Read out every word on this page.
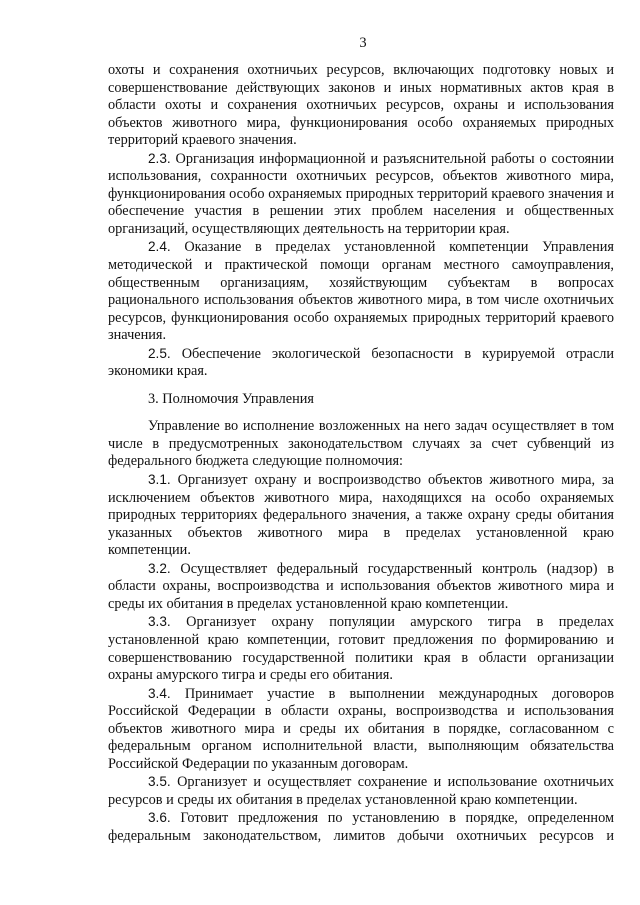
3

охоты и сохранения охотничьих ресурсов, включающих подготовку новых и совершенствование действующих законов и иных нормативных актов края в области охоты и сохранения охотничьих ресурсов, охраны и использования объектов животного мира, функционирования особо охраняемых природных территорий краевого значения.

2.3. Организация информационной и разъяснительной работы о состоянии использования, сохранности охотничьих ресурсов, объектов животного мира, функционирования особо охраняемых природных территорий краевого значения и обеспечение участия в решении этих проблем населения и общественных организаций, осуществляющих деятельность на территории края.

2.4. Оказание в пределах установленной компетенции Управления методической и практической помощи органам местного самоуправления, общественным организациям, хозяйствующим субъектам в вопросах рационального использования объектов животного мира, в том числе охотничьих ресурсов, функционирования особо охраняемых природных территорий краевого значения.

2.5. Обеспечение экологической безопасности в курируемой отрасли экономики края.

3. Полномочия Управления

Управление во исполнение возложенных на него задач осуществляет в том числе в предусмотренных законодательством случаях за счет субвенций из федерального бюджета следующие полномочия:

3.1. Организует охрану и воспроизводство объектов животного мира, за исключением объектов животного мира, находящихся на особо охраняемых природных территориях федерального значения, а также охрану среды обитания указанных объектов животного мира в пределах установленной краю компетенции.

3.2. Осуществляет федеральный государственный контроль (надзор) в области охраны, воспроизводства и использования объектов животного мира и среды их обитания в пределах установленной краю компетенции.

3.3. Организует охрану популяции амурского тигра в пределах установленной краю компетенции, готовит предложения по формированию и совершенствованию государственной политики края в области организации охраны амурского тигра и среды его обитания.

3.4. Принимает участие в выполнении международных договоров Российской Федерации в области охраны, воспроизводства и использования объектов животного мира и среды их обитания в порядке, согласованном с федеральным органом исполнительной власти, выполняющим обязательства Российской Федерации по указанным договорам.

3.5. Организует и осуществляет сохранение и использование охотничьих ресурсов и среды их обитания в пределах установленной краю компетенции.

3.6. Готовит предложения по установлению в порядке, определенном федеральным законодательством, лимитов добычи охотничьих ресурсов и
